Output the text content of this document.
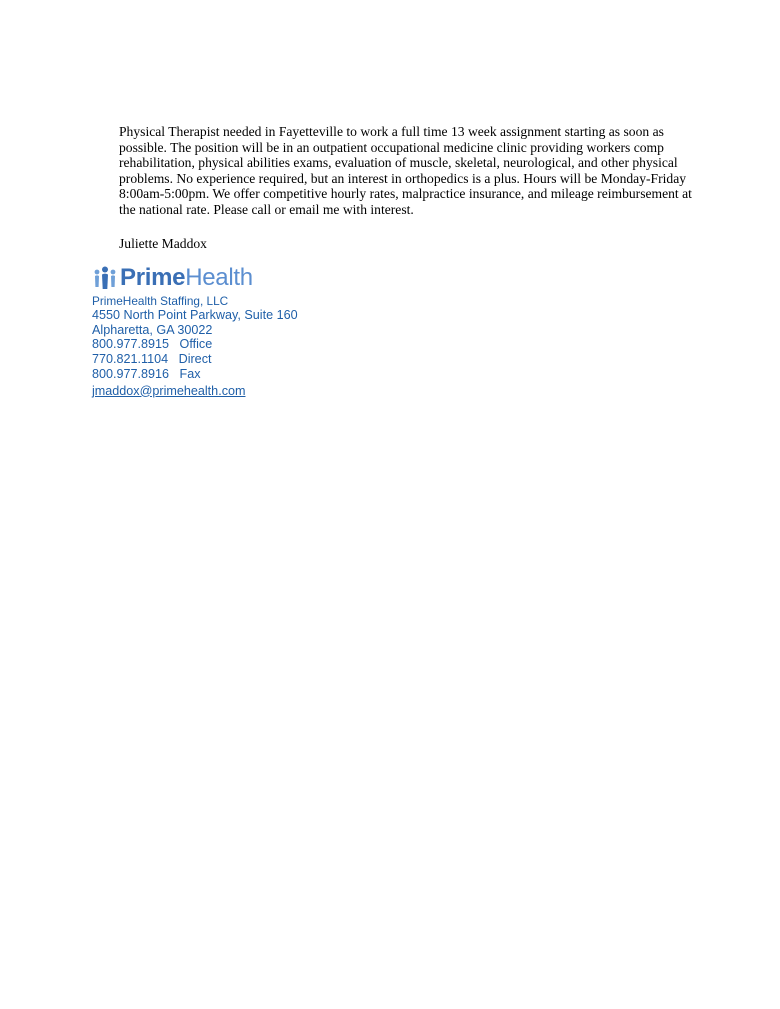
Physical Therapist needed in Fayetteville to work a full time 13 week assignment starting as soon as
possible. The position will be in an outpatient occupational medicine clinic providing workers comp
rehabilitation, physical abilities exams, evaluation of muscle, skeletal, neurological, and other physical
problems. No experience required, but an interest in orthopedics is a plus. Hours will be Monday-Friday
8:00am-5:00pm. We offer competitive hourly rates, malpractice insurance, and mileage reimbursement at
the national rate. Please call or email me with interest.
Juliette Maddox
PrimeHealth
PrimeHealth Staffing, LLC
4550 North Point Parkway, Suite 160
Alpharetta, GA 30022
800.977.8915   Office
770.821.1104   Direct
800.977.8916   Fax
jmaddox@primehealth.com
